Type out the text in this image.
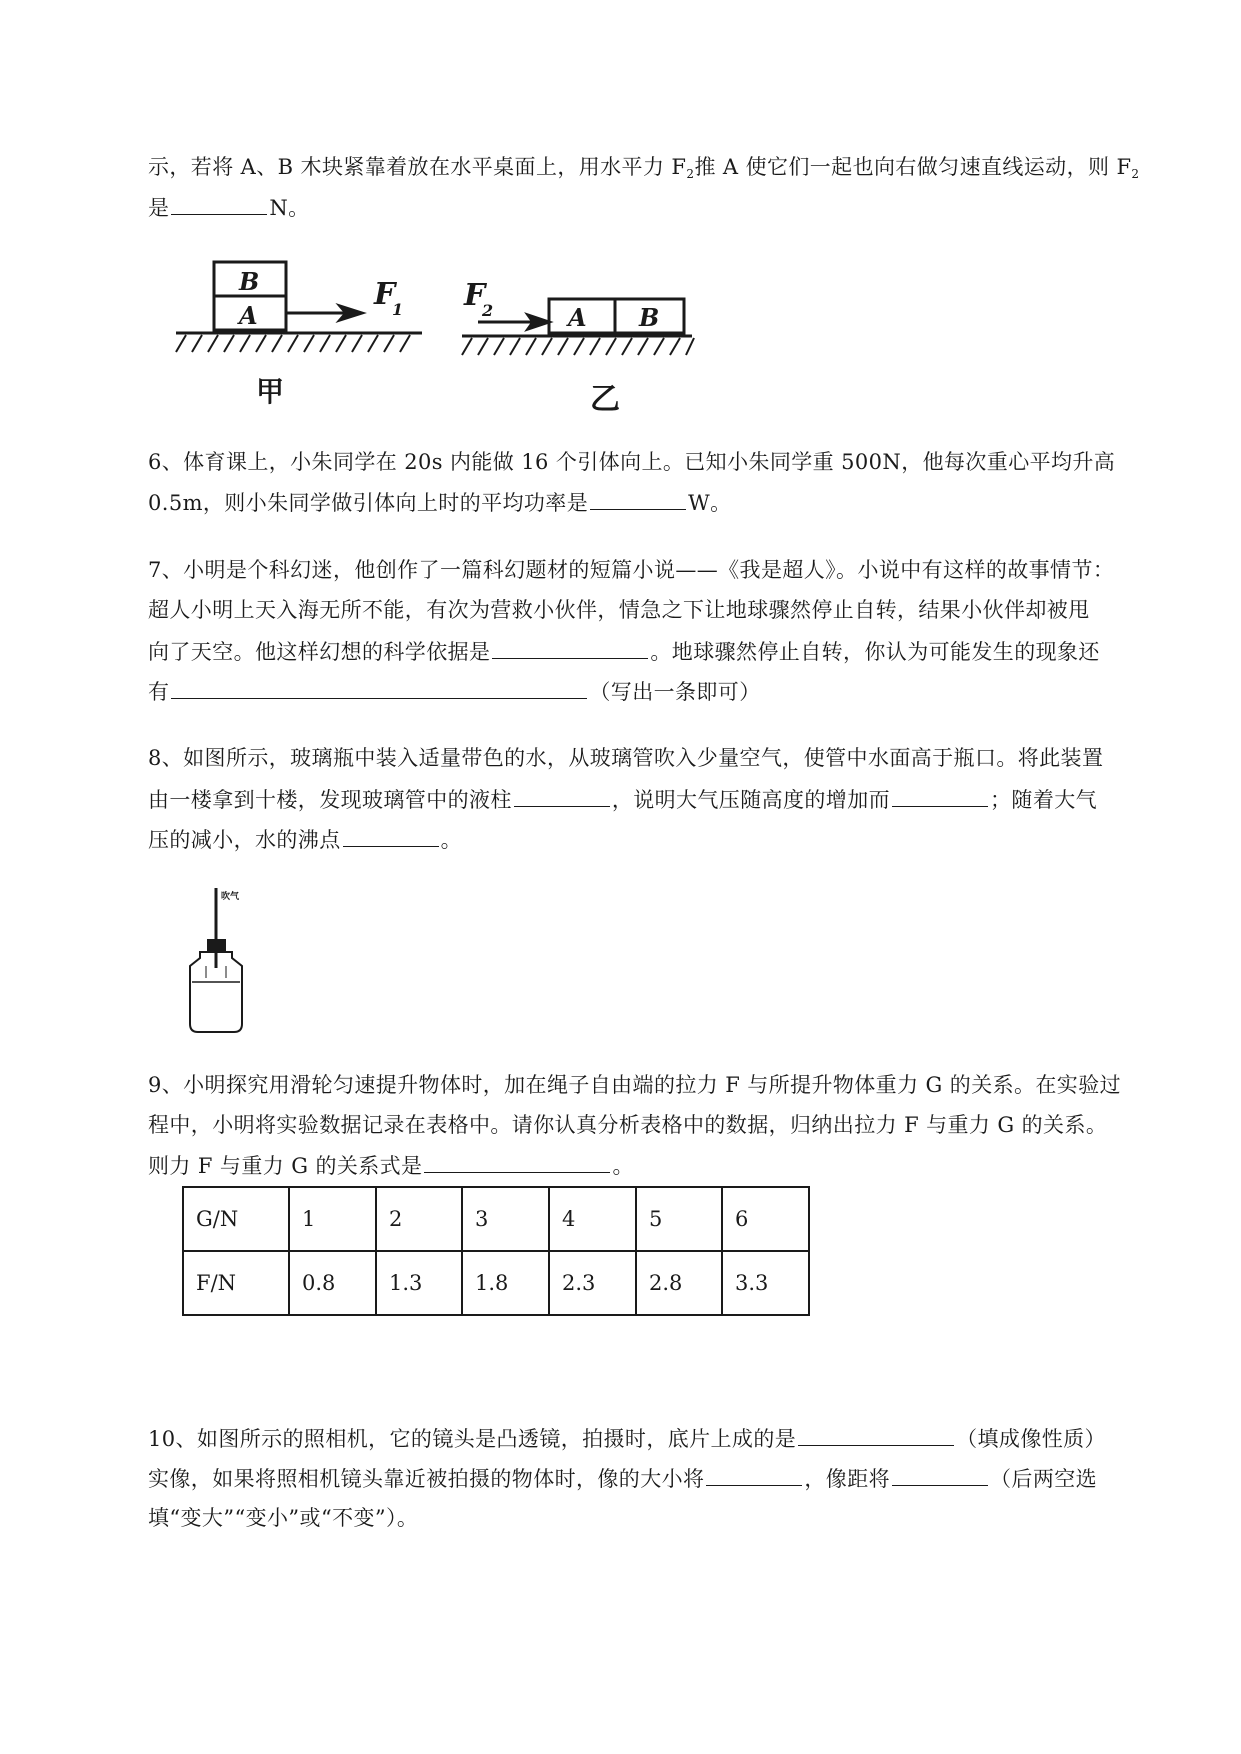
示，若将 A、B 木块紧靠着放在水平桌面上，用水平力 $F_2$推 A 使它们一起也向右做匀速直线运动，则 $F_2$
是	N。
B
A
F
1 F
2	A B
甲	乙
吹气
6、体育课上，小朱同学在 20s 内能做 16 个引体向上。已知小朱同学重 500N，他每次重心平均升高
0.5m，则小朱同学做引体向上时的平均功率是	W。
7、小明是个科幻迷，他创作了一篇科幻题材的短篇小说——《我是超人》。小说中有这样的故事情节：
超人小明上天入海无所不能，有次为营救小伙伴，情急之下让地球骤然停止自转，结果小伙伴却被甩
向了天空。他这样幻想的科学依据是	。地球骤然停止自转，你认为可能发生的现象还
有	（写出一条即可）
8、如图所示，玻璃瓶中装入适量带色的水，从玻璃管吹入少量空气，使管中水面高于瓶口。将此装置
由一楼拿到十楼，发现玻璃管中的液柱	，说明大气压随高度的增加而	；随着大气
压的减小，水的沸点	。
9、小明探究用滑轮匀速提升物体时，加在绳子自由端的拉力 F 与所提升物体重力 G 的关系。在实验过
程中，小明将实验数据记录在表格中。请你认真分析表格中的数据，归纳出拉力 F 与重力 G 的关系。
则力 F 与重力 G 的关系式是	。
G/N	1	2	3	4	5	6
F/N	0.8	1.3	1.8	2.3	2.8	3.3
10、如图所示的照相机，它的镜头是凸透镜，拍摄时，底片上成的是	（填成像性质）
实像，如果将照相机镜头靠近被拍摄的物体时，像的大小将	，像距将	（后两空选
填“变大”“变小”或“不变”）。
